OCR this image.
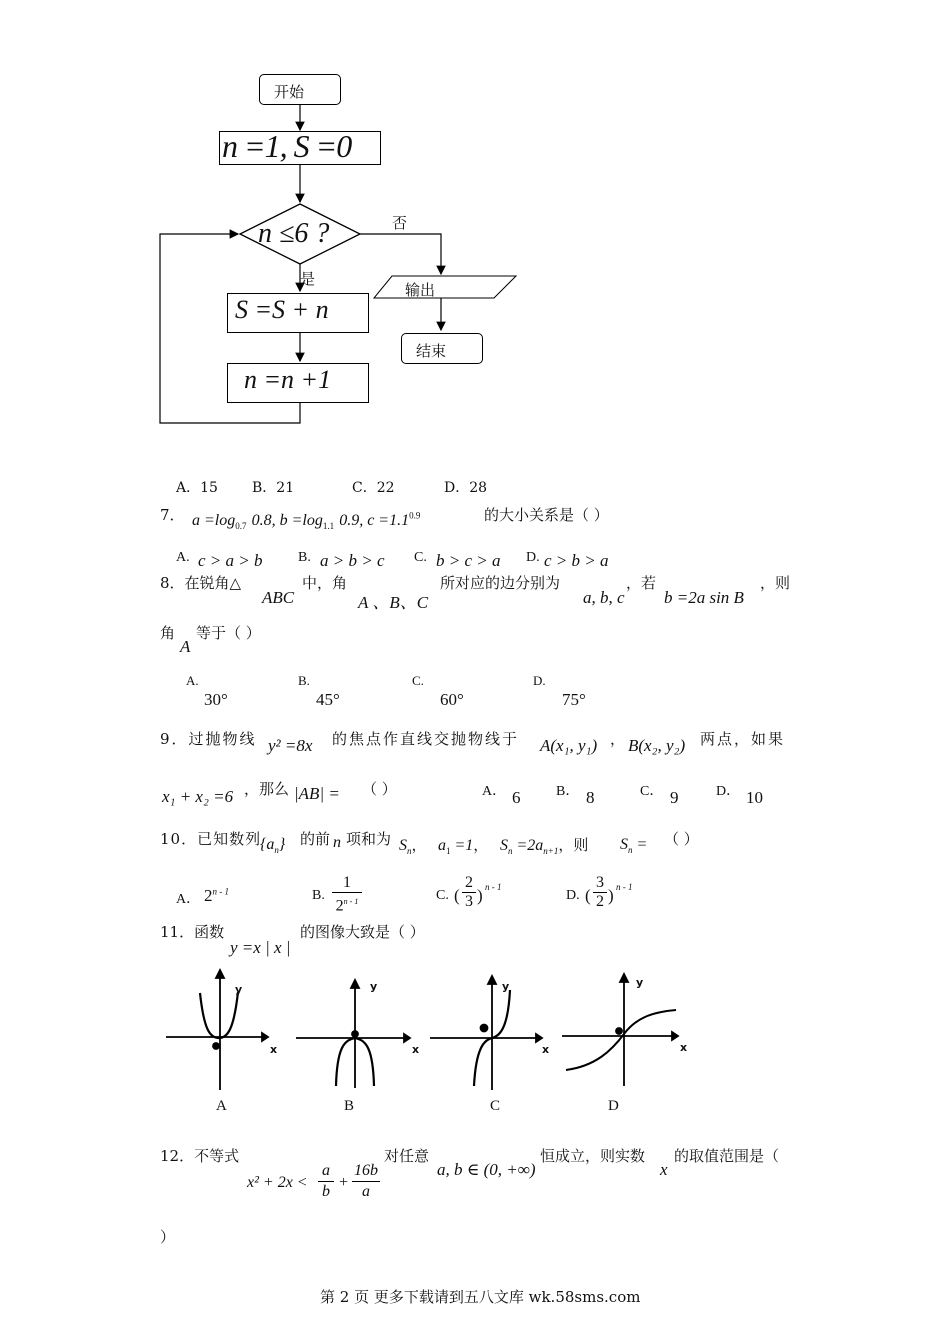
开始
n =1, S =0
n ≤6 ?	否
是
输出
S =S + n
结束
n =n +1
A．15 B．21	C．22	D．28
7． $a =\log_{0.7}$ 0.8, $b =\log_{1.1}$ 0.9, $c =1.1^{0.9}$	的大小关系是（ ）
A. c > a > b	B. a > b > c C. b > c > a D. c > b > a
8．在锐角△
ABC
中，角
A 、B、C
所对应的边分别为
a, b, c
，若
b =2a sin B
，则
角
A
等于（ ）
A.
30°
B.
45°
C.
60°
D.
75°
9．过抛物线 y² =8x 的焦点作直线交抛物线于 A(x₁, y₁) ， B(x₂, y₂) 两点，如果
x₁ + x₂ =6 ，那么 |AB| = （ ）	A． 6	B． 8	C． 9	D． 10
10．已知数列
$\{a_n\}$ 的前 n 项和为 $S_n$， $a_1 =1$， $S_n =2a_{n+1}$，则 $S_n$ = （ ）
A． 2$^{n - 1}$	B.
1
2$^{n - 1}$	C. (
2
3 ) n - 1
D. (
3
2 ) n - 1
11．函数
y =x | x |
的图像大致是（ ）
y
x
y
x
y
x
y
x
A	B	C	D
12．不等式
x² + 2x <
a
b
+
16b
a
对任意
a, b ∈ (0, +∞)
恒成立，则实数
x
的取值范围是（
）
第 2 页 更多下载请到五八文库 wk.58sms.com
